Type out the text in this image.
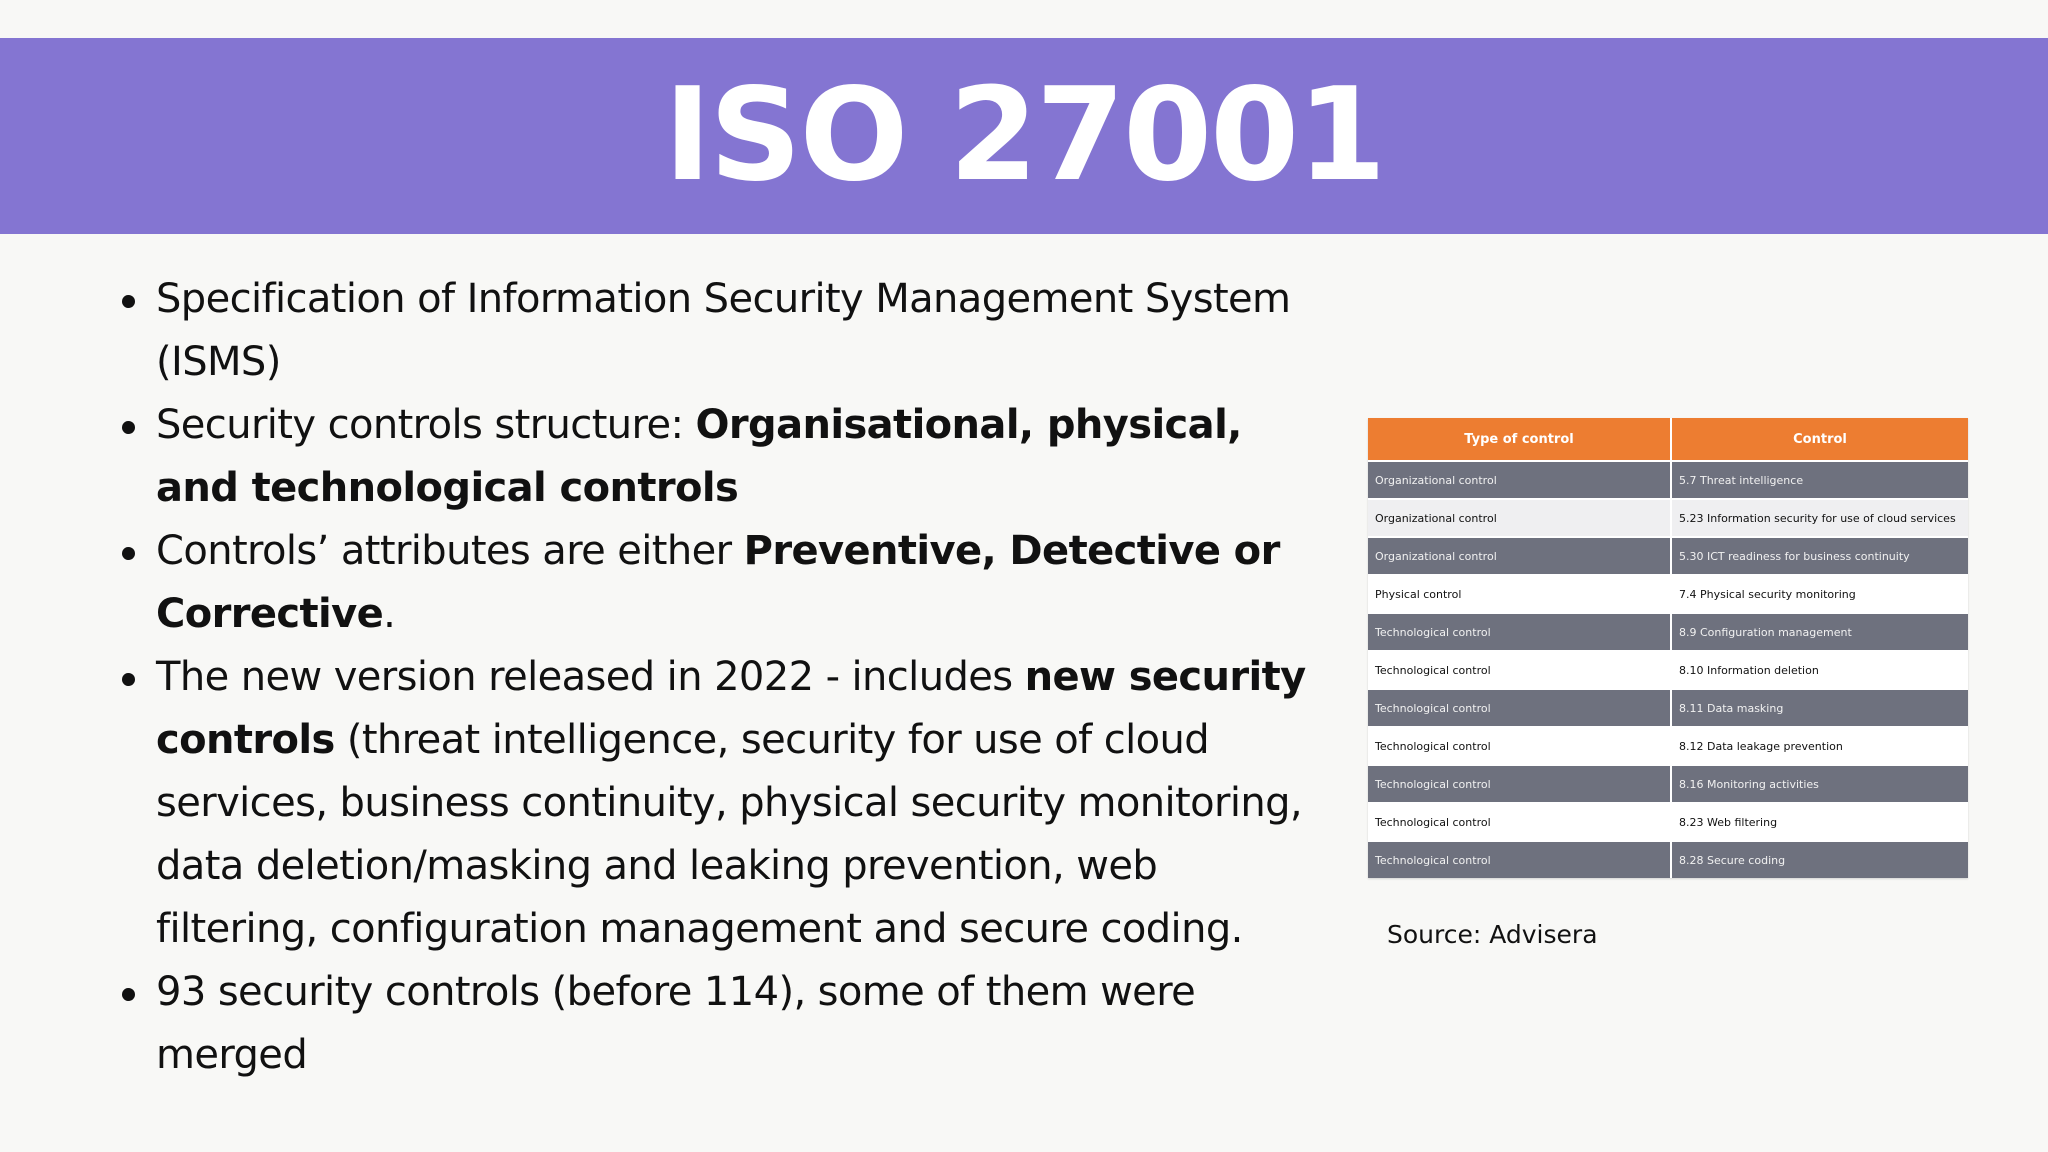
ISO 27001
Specification of Information Security Management System (ISMS)
Security controls structure: Organisational, physical, and technological controls
Controls’ attributes are either Preventive, Detective or Corrective.
The new version released in 2022 - includes new security controls (threat intelligence, security for use of cloud services, business continuity, physical security monitoring, data deletion/masking and leaking prevention, web filtering, configuration management and secure coding.
93 security controls (before 114), some of them were merged
Type of control	Control
Organizational control	5.7 Threat intelligence
Organizational control	5.23 Information security for use of cloud services
Organizational control	5.30 ICT readiness for business continuity
Physical control	7.4 Physical security monitoring
Technological control	8.9 Configuration management
Technological control	8.10 Information deletion
Technological control	8.11 Data masking
Technological control	8.12 Data leakage prevention
Technological control	8.16 Monitoring activities
Technological control	8.23 Web filtering
Technological control	8.28 Secure coding
Source: Advisera
